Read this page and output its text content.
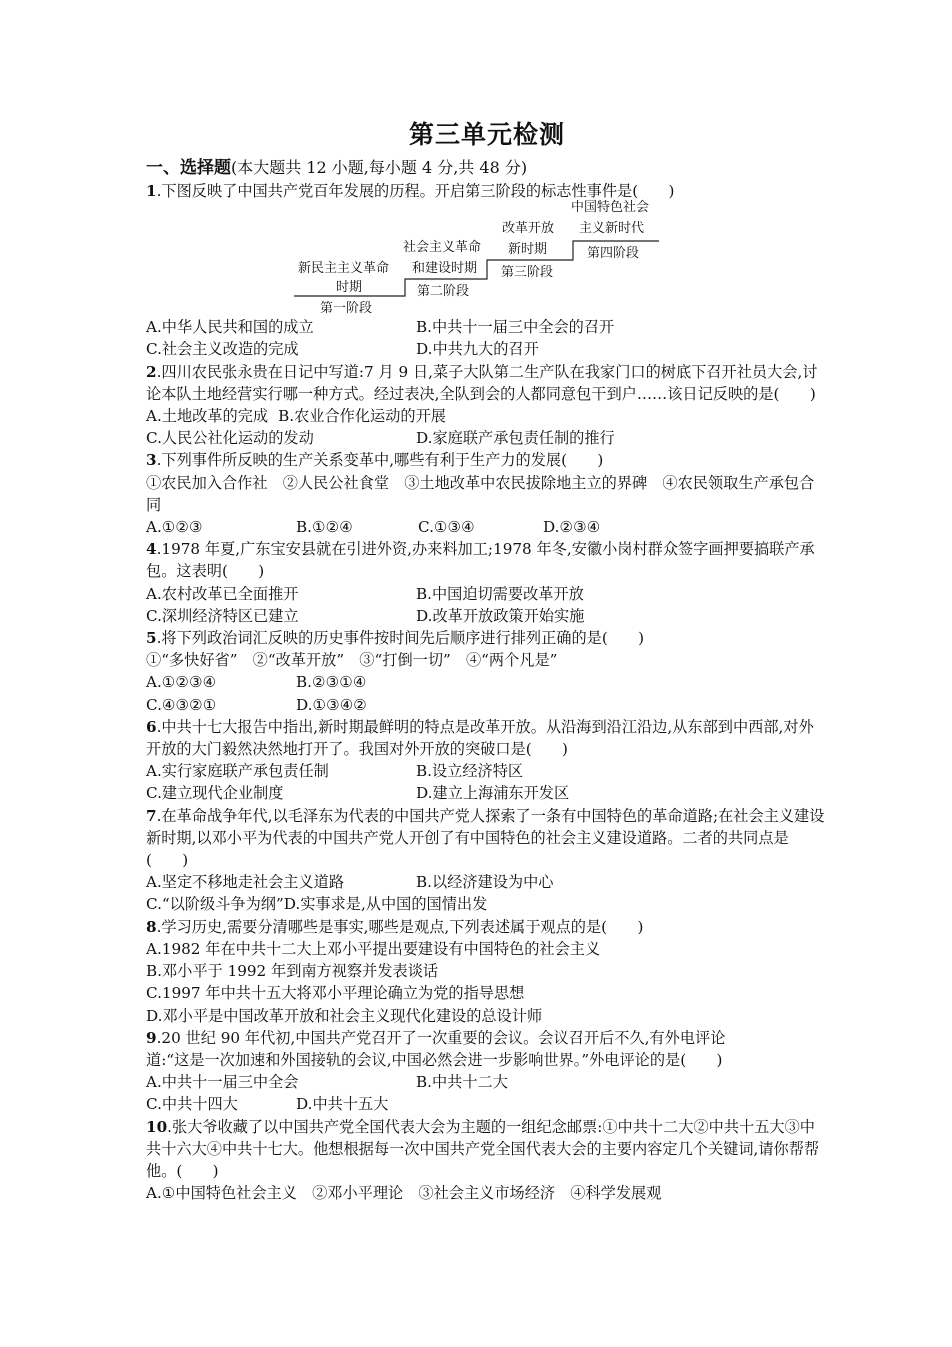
第三单元检测
一、选择题(本大题共 12 小题,每小题 4 分,共 48 分)
1.下图反映了中国共产党百年发展的历程。开启第三阶段的标志性事件是(　　)
新民主主义革命
时期
第一阶段
社会主义革命
和建设时期
第二阶段
改革开放
新时期
第三阶段
中国特色社会
主义新时代
第四阶段
A.中华人民共和国的成立	B.中共十一届三中全会的召开
C.社会主义改造的完成	D.中共九大的召开
2.四川农民张永贵在日记中写道:7 月 9 日,菜子大队第二生产队在我家门口的树底下召开社员大会,讨论本队土地经营实行哪一种方式。经过表决,全队到会的人都同意包干到户……该日记反映的是(　　)
A.土地改革的完成 B.农业合作化运动的开展
C.人民公社化运动的发动	D.家庭联产承包责任制的推行
3.下列事件所反映的生产关系变革中,哪些有利于生产力的发展(　　)
①农民加入合作社　②人民公社食堂　③土地改革中农民拔除地主立的界碑　④农民领取生产承包合同
A.①②③	B.①②④	C.①③④	D.②③④
4.1978 年夏,广东宝安县就在引进外资,办来料加工;1978 年冬,安徽小岗村群众签字画押要搞联产承包。这表明(　　)
A.农村改革已全面推开	B.中国迫切需要改革开放
C.深圳经济特区已建立	D.改革开放政策开始实施
5.将下列政治词汇反映的历史事件按时间先后顺序进行排列正确的是(　　)
①“多快好省”　②“改革开放”　③“打倒一切”　④“两个凡是”
A.①②③④	B.②③①④
C.④③②①	D.①③④②
6.中共十七大报告中指出,新时期最鲜明的特点是改革开放。从沿海到沿江沿边,从东部到中西部,对外开放的大门毅然决然地打开了。我国对外开放的突破口是(　　)
A.实行家庭联产承包责任制	B.设立经济特区
C.建立现代企业制度	D.建立上海浦东开发区
7.在革命战争年代,以毛泽东为代表的中国共产党人探索了一条有中国特色的革命道路;在社会主义建设新时期,以邓小平为代表的中国共产党人开创了有中国特色的社会主义建设道路。二者的共同点是(　　)
A.坚定不移地走社会主义道路	B.以经济建设为中心
C.“以阶级斗争为纲” D.实事求是,从中国的国情出发
8.学习历史,需要分清哪些是事实,哪些是观点,下列表述属于观点的是(　　)
A.1982 年在中共十二大上邓小平提出要建设有中国特色的社会主义
B.邓小平于 1992 年到南方视察并发表谈话
C.1997 年中共十五大将邓小平理论确立为党的指导思想
D.邓小平是中国改革开放和社会主义现代化建设的总设计师
9.20 世纪 90 年代初,中国共产党召开了一次重要的会议。会议召开后不久,有外电评论
道:“这是一次加速和外国接轨的会议,中国必然会进一步影响世界。”外电评论的是(　　)
A.中共十一届三中全会	B.中共十二大
C.中共十四大	D.中共十五大
10.张大爷收藏了以中国共产党全国代表大会为主题的一组纪念邮票:①中共十二大②中共十五大③中共十六大④中共十七大。他想根据每一次中国共产党全国代表大会的主要内容定几个关键词,请你帮帮他。(　　)
A.①中国特色社会主义　②邓小平理论　③社会主义市场经济　④科学发展观
